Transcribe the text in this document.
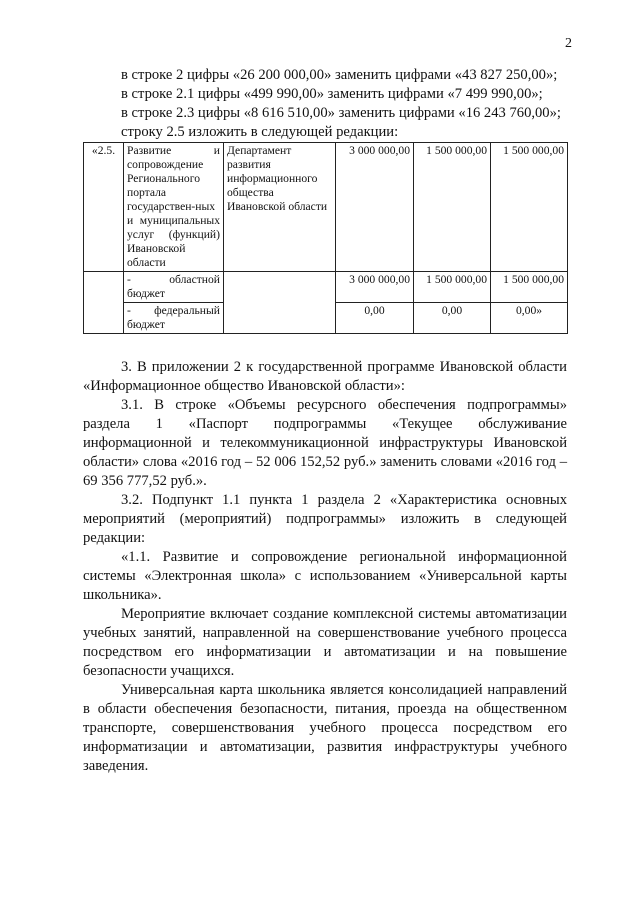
2

в строке 2 цифры «26 200 000,00» заменить цифрами «43 827 250,00»;

в строке 2.1 цифры «499 990,00» заменить цифрами «7 499 990,00»;

в строке 2.3 цифры «8 616 510,00» заменить цифрами «16 243 760,00»;

строку 2.5 изложить в следующей редакции:

«2.5.	Развитие и сопровождение Регионального портала государствен-ных и муниципальных услуг (функций) Ивановской области	Департамент развития информационного общества Ивановской области	3 000 000,00	1 500 000,00	1 500 000,00
	- областной бюджет		3 000 000,00	1 500 000,00	1 500 000,00
	- федеральный бюджет		0,00	0,00	0,00»

3. В приложении 2 к государственной программе Ивановской области «Информационное общество Ивановской области»:

3.1. В строке «Объемы ресурсного обеспечения подпрограммы» раздела 1 «Паспорт подпрограммы «Текущее обслуживание информационной и телекоммуникационной инфраструктуры Ивановской области» слова «2016 год – 52 006 152,52 руб.» заменить словами «2016 год – 69 356 777,52 руб.».

3.2. Подпункт 1.1 пункта 1 раздела 2 «Характеристика основных мероприятий (мероприятий) подпрограммы» изложить в следующей редакции:

«1.1. Развитие и сопровождение региональной информационной системы «Электронная школа» с использованием «Универсальной карты школьника».

Мероприятие включает создание комплексной системы автоматизации учебных занятий, направленной на совершенствование учебного процесса посредством его информатизации и автоматизации и на повышение безопасности учащихся.

Универсальная карта школьника является консолидацией направлений в области обеспечения безопасности, питания, проезда на общественном транспорте, совершенствования учебного процесса посредством его информатизации и автоматизации, развития инфраструктуры учебного заведения.
